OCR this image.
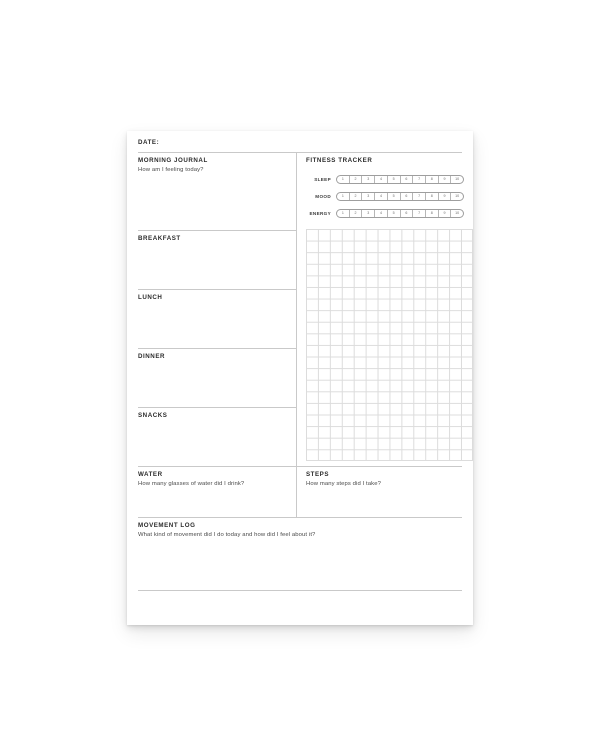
DATE:
MORNING JOURNAL
How am I feeling today?
BREAKFAST
LUNCH
DINNER
SNACKS
FITNESS TRACKER
SLEEP	1	2	3	4	5	6	7	8	9	10
MOOD	1	2	3	4	5	6	7	8	9	10
ENERGY	1	2	3	4	5	6	7	8	9	10
WATER
How many glasses of water did I drink?
STEPS
How many steps did I take?
MOVEMENT LOG
What kind of movement did I do today and how did I feel about it?
